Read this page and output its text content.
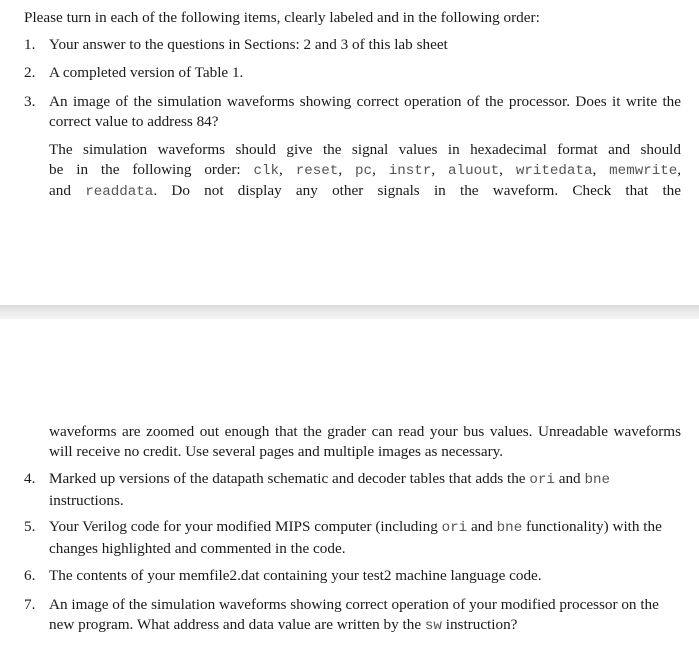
Please turn in each of the following items, clearly labeled and in the following order:

1. Your answer to the questions in Sections: 2 and 3 of this lab sheet
2. A completed version of Table 1.
3. An image of the simulation waveforms showing correct operation of the processor. Does it write the correct value to address 84?
The simulation waveforms should give the signal values in hexadecimal format and should
be in the following order: clk, reset, pc, instr, aluout, writedata, memwrite,
and readdata. Do not display any other signals in the waveform. Check that the
waveforms are zoomed out enough that the grader can read your bus values. Unreadable waveforms will receive no credit. Use several pages and multiple images as necessary.
4. Marked up versions of the datapath schematic and decoder tables that adds the ori and bne instructions.
5. Your Verilog code for your modified MIPS computer (including ori and bne functionality) with the changes highlighted and commented in the code.
6. The contents of your memfile2.dat containing your test2 machine language code.
7. An image of the simulation waveforms showing correct operation of your modified processor on the new program. What address and data value are written by the sw instruction?
